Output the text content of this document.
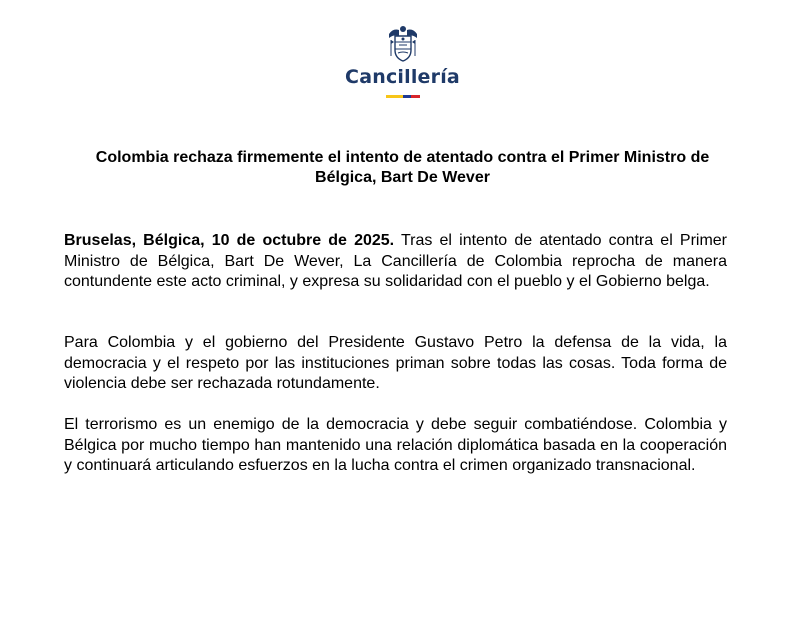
Cancillería
Colombia rechaza firmemente el intento de atentado contra el Primer Ministro de Bélgica, Bart De Wever

Bruselas, Bélgica, 10 de octubre de 2025. Tras el intento de atentado contra el Primer Ministro de Bélgica, Bart De Wever, La Cancillería de Colombia reprocha de manera contundente este acto criminal, y expresa su solidaridad con el pueblo y el Gobierno belga.

Para Colombia y el gobierno del Presidente Gustavo Petro la defensa de la vida, la democracia y el respeto por las instituciones priman sobre todas las cosas. Toda forma de violencia debe ser rechazada rotundamente.

El terrorismo es un enemigo de la democracia y debe seguir combatiéndose. Colombia y Bélgica por mucho tiempo han mantenido una relación diplomática basada en la cooperación y continuará articulando esfuerzos en la lucha contra el crimen organizado transnacional.
